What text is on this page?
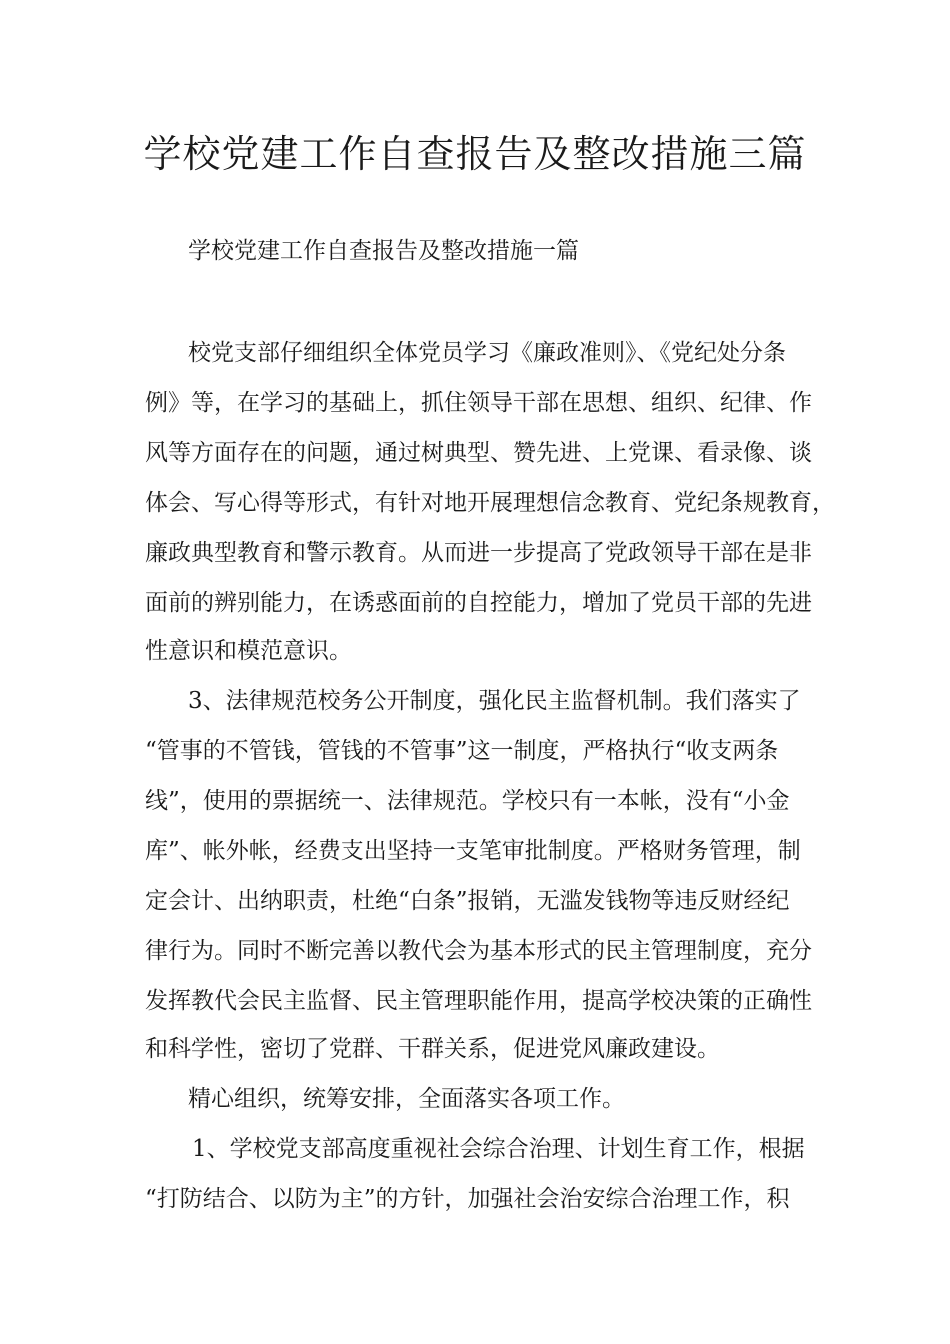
学校党建工作自查报告及整改措施三篇

学校党建工作自查报告及整改措施一篇

校党支部仔细组织全体党员学习《廉政准则》、《党纪处分条

例》等，在学习的基础上，抓住领导干部在思想、组织、纪律、作

风等方面存在的问题，通过树典型、赞先进、上党课、看录像、谈

体会、写心得等形式，有针对地开展理想信念教育、党纪条规教育，

廉政典型教育和警示教育。从而进一步提高了党政领导干部在是非

面前的辨别能力，在诱惑面前的自控能力，增加了党员干部的先进

性意识和模范意识。

3、法律规范校务公开制度，强化民主监督机制。我们落实了

“管事的不管钱，管钱的不管事”这一制度，严格执行“收支两条

线”，使用的票据统一、法律规范。学校只有一本帐，没有“小金

库”、帐外帐，经费支出坚持一支笔审批制度。严格财务管理，制

定会计、出纳职责，杜绝“白条”报销，无滥发钱物等违反财经纪

律行为。同时不断完善以教代会为基本形式的民主管理制度，充分

发挥教代会民主监督、民主管理职能作用，提高学校决策的正确性

和科学性，密切了党群、干群关系，促进党风廉政建设。

精心组织，统筹安排，全面落实各项工作。

1、学校党支部高度重视社会综合治理、计划生育工作，根据

“打防结合、以防为主”的方针，加强社会治安综合治理工作，积
